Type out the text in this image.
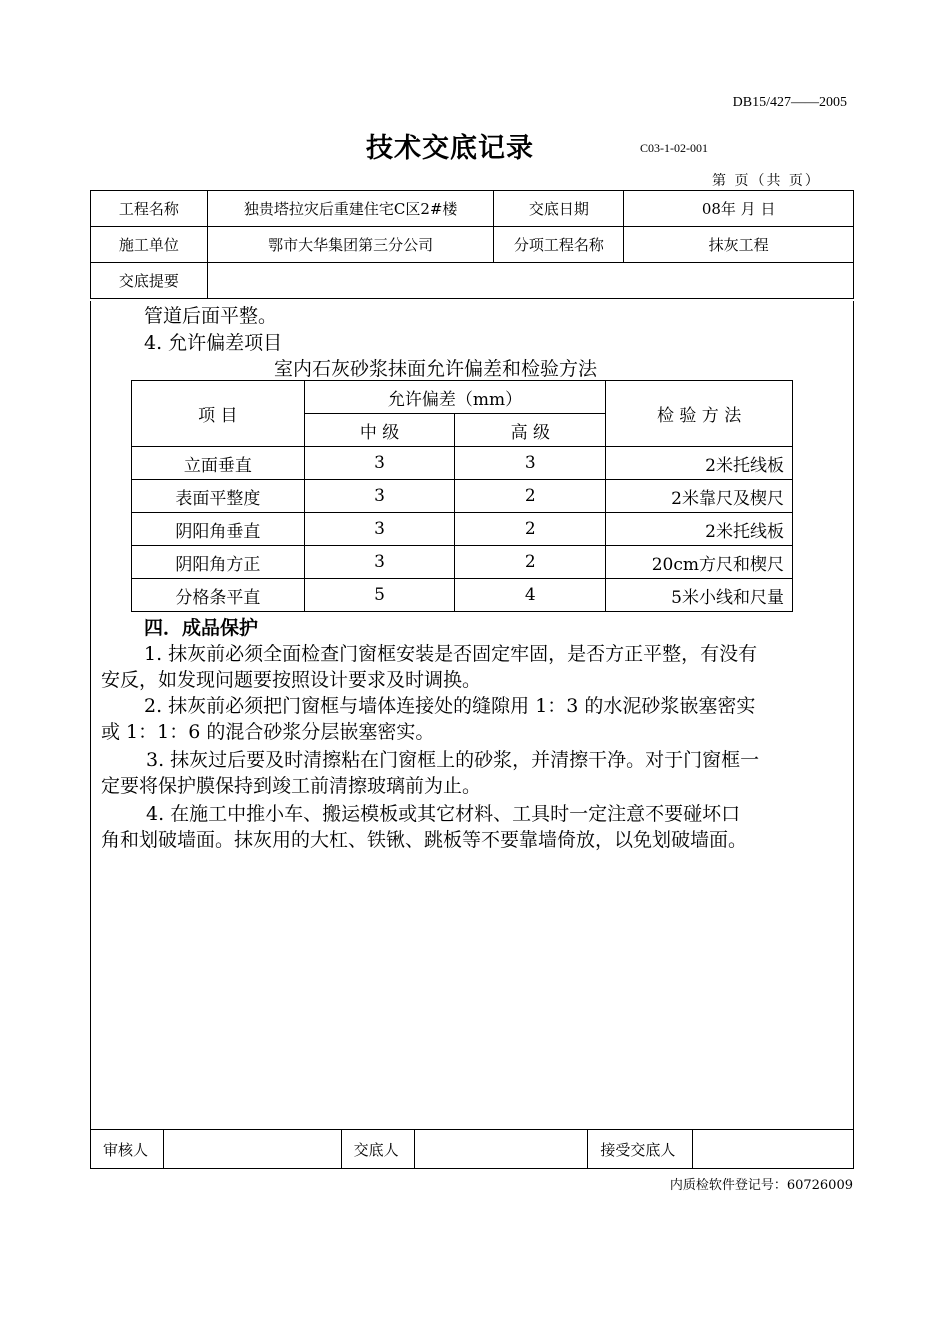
DB15/427——2005
技术交底记录	C03-1-02-001
第 页（共 页）
工程名称	独贵塔拉灾后重建住宅C区2#楼	交底日期	08年 月 日
施工单位	鄂市大华集团第三分公司	分项工程名称	抹灰工程
交底提要			
管道后面平整。
4. 允许偏差项目
室内石灰砂浆抹面允许偏差和检验方法
项 目	允许偏差（mm）		检 验 方 法
	中 级	高 级	
立面垂直	3	3	2米托线板
表面平整度	3	2	2米靠尺及楔尺
阴阳角垂直	3	2	2米托线板
阴阳角方正	3	2	20cm方尺和楔尺
分格条平直	5	4	5米小线和尺量
四．成品保护
1. 抹灰前必须全面检查门窗框安装是否固定牢固，是否方正平整，有没有
安反，如发现问题要按照设计要求及时调换。
2. 抹灰前必须把门窗框与墙体连接处的缝隙用 1：3 的水泥砂浆嵌塞密实
或 1：1：6 的混合砂浆分层嵌塞密实。
3. 抹灰过后要及时清擦粘在门窗框上的砂浆，并清擦干净。对于门窗框一
定要将保护膜保持到竣工前清擦玻璃前为止。
4. 在施工中推小车、搬运模板或其它材料、工具时一定注意不要碰坏口
角和划破墙面。抹灰用的大杠、铁锹、跳板等不要靠墙倚放，以免划破墙面。
审核人		交底人		接受交底人	
内质检软件登记号：60726009
